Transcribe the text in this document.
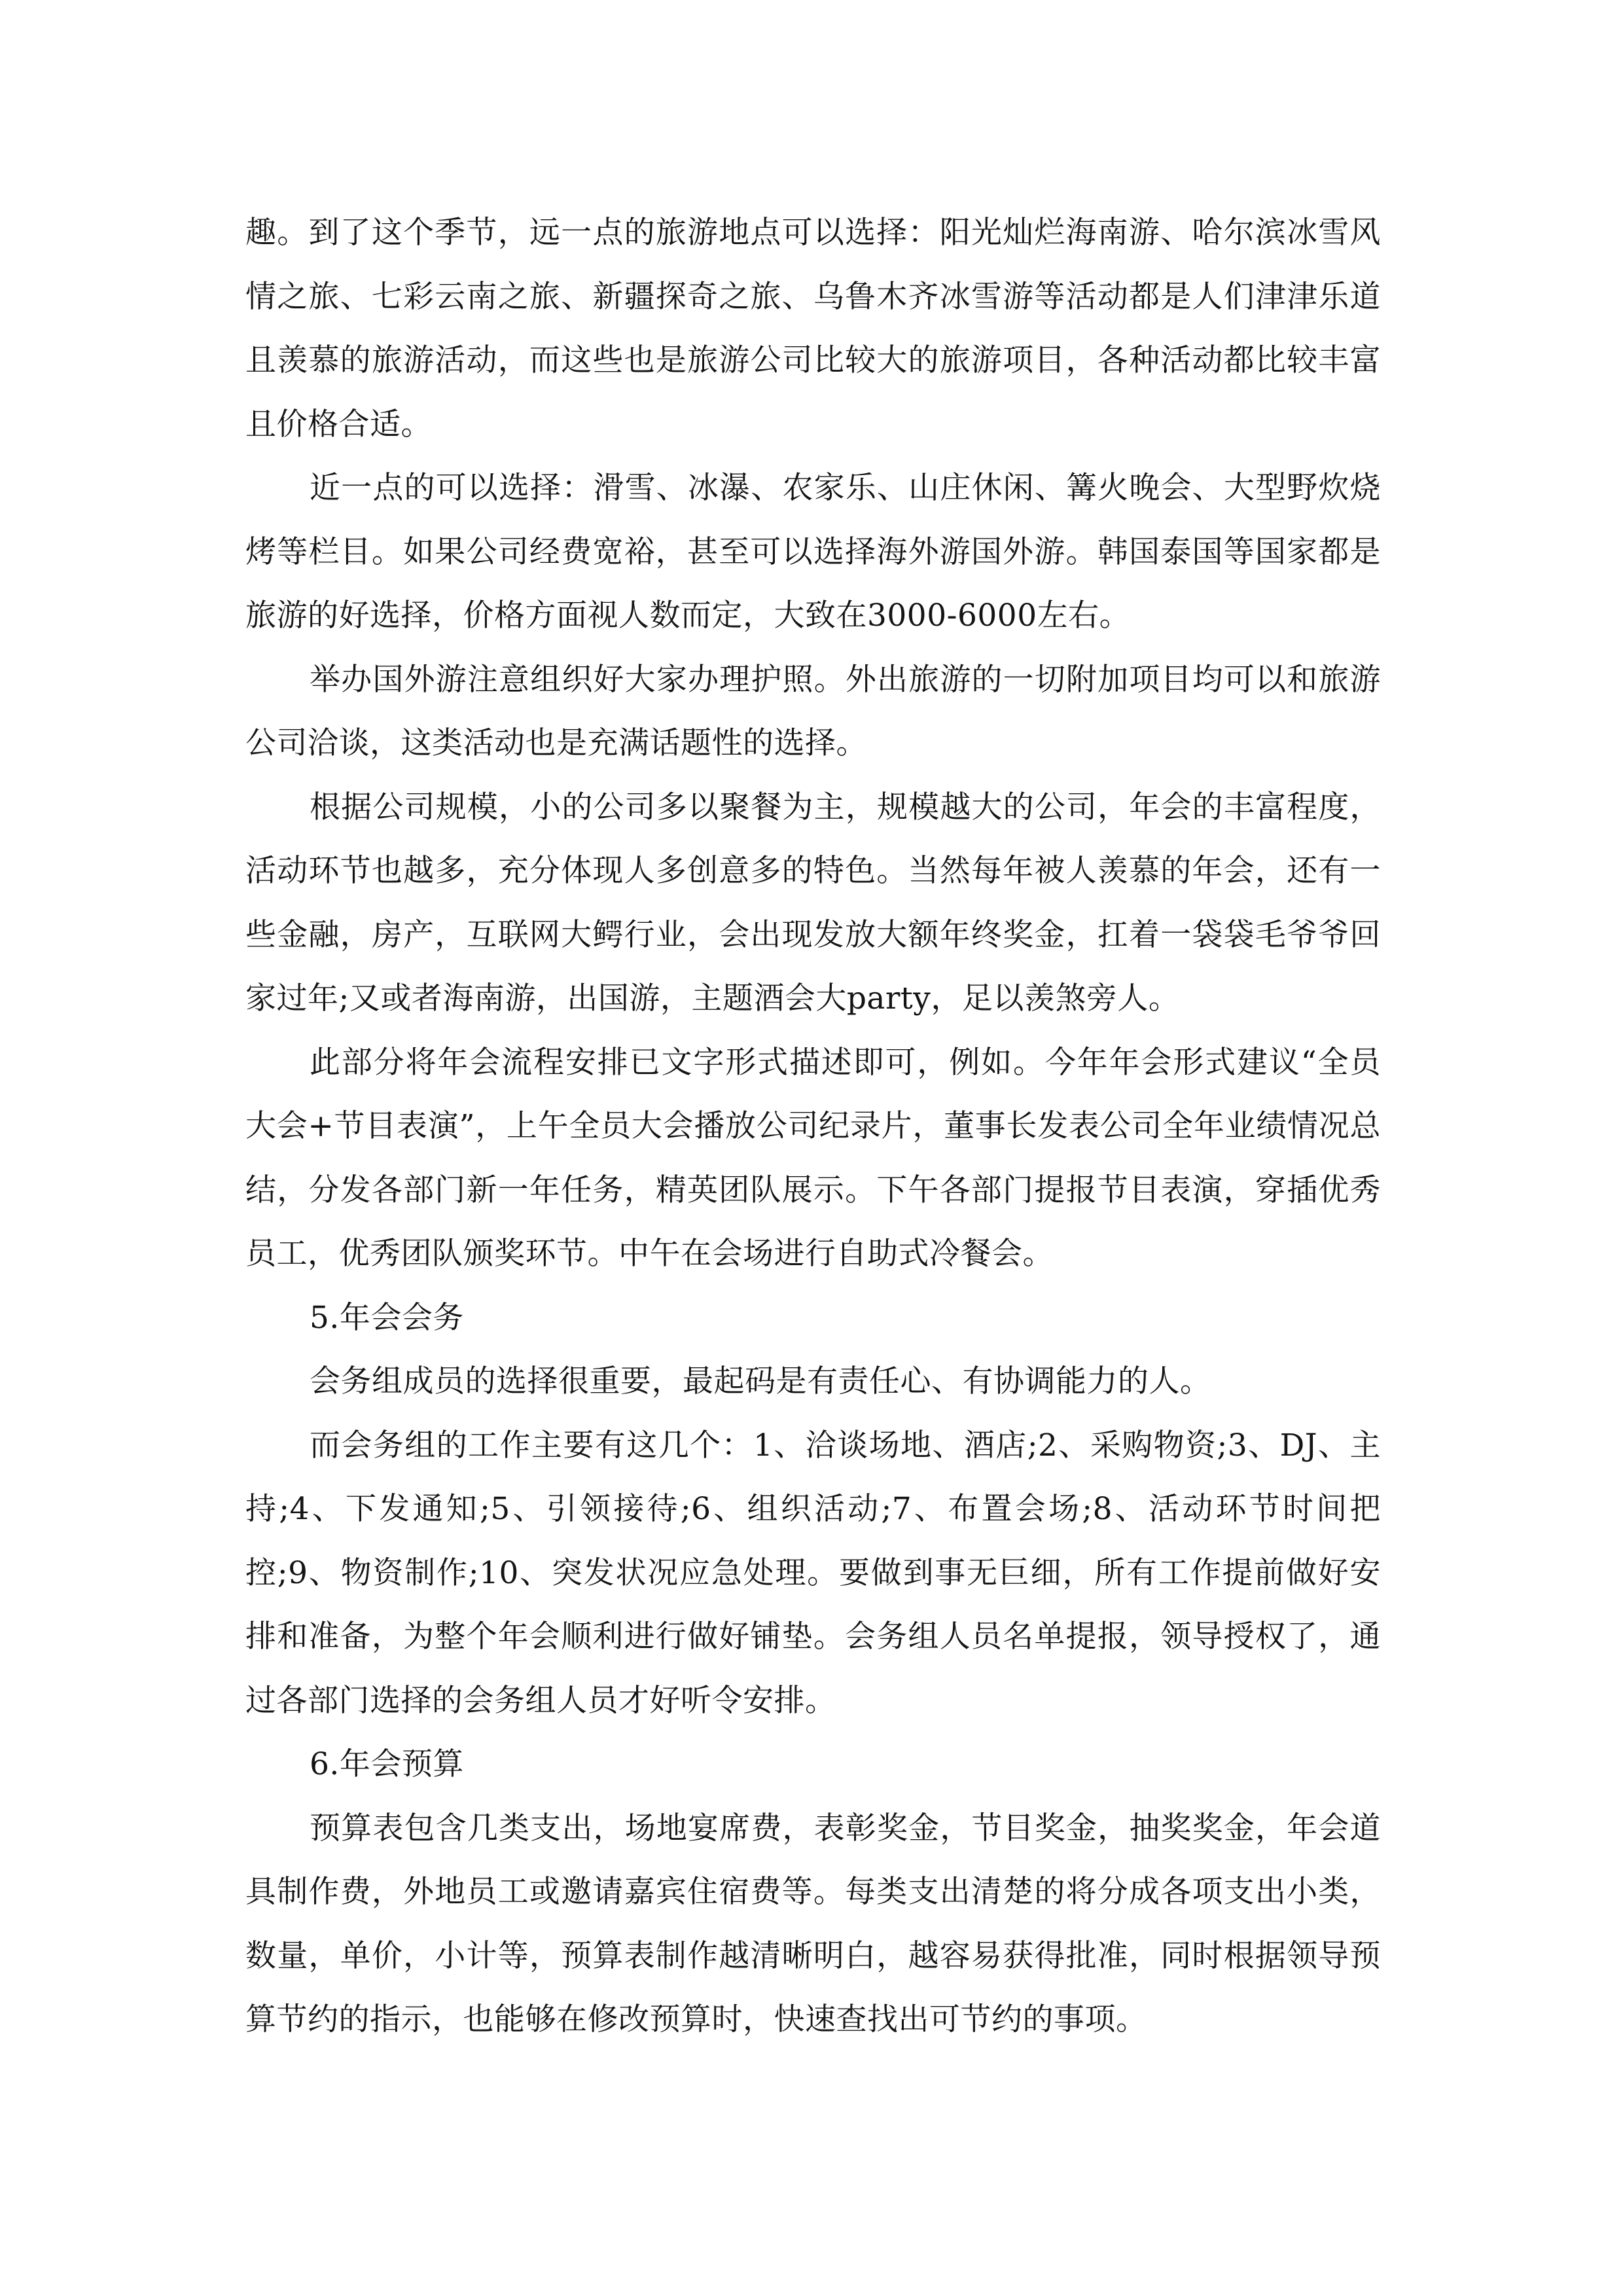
趣。到了这个季节，远一点的旅游地点可以选择：阳光灿烂海南游、哈尔滨冰雪风情之旅、七彩云南之旅、新疆探奇之旅、乌鲁木齐冰雪游等活动都是人们津津乐道且羡慕的旅游活动，而这些也是旅游公司比较大的旅游项目，各种活动都比较丰富且价格合适。

近一点的可以选择：滑雪、冰瀑、农家乐、山庄休闲、篝火晚会、大型野炊烧烤等栏目。如果公司经费宽裕，甚至可以选择海外游国外游。韩国泰国等国家都是旅游的好选择，价格方面视人数而定，大致在3000-6000左右。

举办国外游注意组织好大家办理护照。外出旅游的一切附加项目均可以和旅游公司洽谈，这类活动也是充满话题性的选择。

根据公司规模，小的公司多以聚餐为主，规模越大的公司，年会的丰富程度，活动环节也越多，充分体现人多创意多的特色。当然每年被人羡慕的年会，还有一些金融，房产，互联网大鳄行业，会出现发放大额年终奖金，扛着一袋袋毛爷爷回家过年;又或者海南游，出国游，主题酒会大party，足以羡煞旁人。

此部分将年会流程安排已文字形式描述即可，例如。今年年会形式建议“全员大会+节目表演”，上午全员大会播放公司纪录片，董事长发表公司全年业绩情况总结，分发各部门新一年任务，精英团队展示。下午各部门提报节目表演，穿插优秀员工，优秀团队颁奖环节。中午在会场进行自助式冷餐会。

5.年会会务

会务组成员的选择很重要，最起码是有责任心、有协调能力的人。

而会务组的工作主要有这几个：1、洽谈场地、酒店;2、采购物资;3、DJ、主持;4、下发通知;5、引领接待;6、组织活动;7、布置会场;8、活动环节时间把控;9、物资制作;10、突发状况应急处理。要做到事无巨细，所有工作提前做好安排和准备，为整个年会顺利进行做好铺垫。会务组人员名单提报，领导授权了，通过各部门选择的会务组人员才好听令安排。

6.年会预算

预算表包含几类支出，场地宴席费，表彰奖金，节目奖金，抽奖奖金，年会道具制作费，外地员工或邀请嘉宾住宿费等。每类支出清楚的将分成各项支出小类，数量，单价，小计等，预算表制作越清晰明白，越容易获得批准，同时根据领导预算节约的指示，也能够在修改预算时，快速查找出可节约的事项。
